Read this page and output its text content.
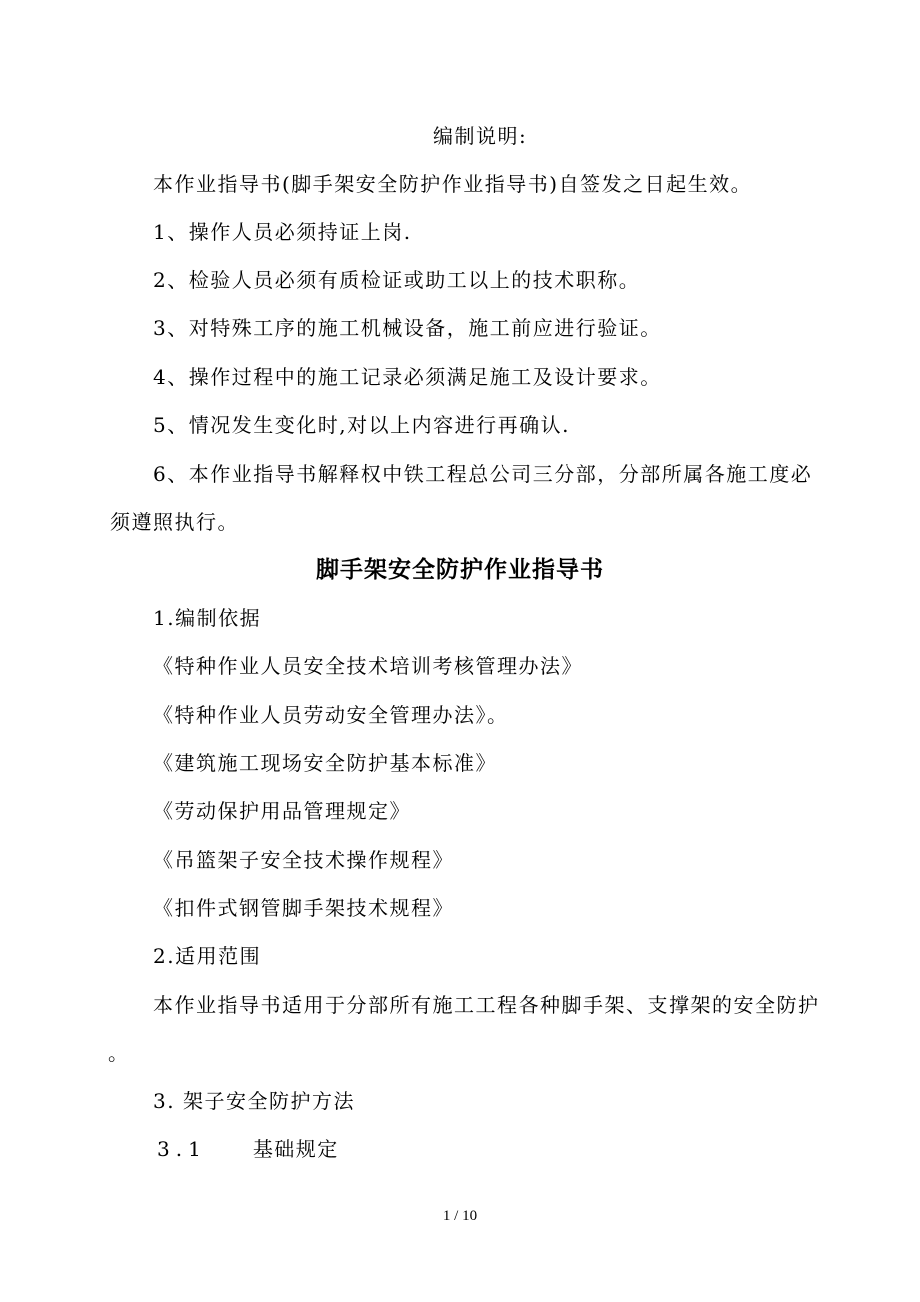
编制说明:
本作业指导书(脚手架安全防护作业指导书)自签发之日起生效。
1、操作人员必须持证上岗.
2、检验人员必须有质检证或助工以上的技术职称。
3、对特殊工序的施工机械设备，施工前应进行验证。
4、操作过程中的施工记录必须满足施工及设计要求。
5、情况发生变化时,对以上内容进行再确认.
6、本作业指导书解释权中铁工程总公司三分部，分部所属各施工度必
须遵照执行。
脚手架安全防护作业指导书
1.编制依据
《特种作业人员安全技术培训考核管理办法》
《特种作业人员劳动安全管理办法》。
《建筑施工现场安全防护基本标准》
《劳动保护用品管理规定》
《吊篮架子安全技术操作规程》
《扣件式钢管脚手架技术规程》
2.适用范围
本作业指导书适用于分部所有施工工程各种脚手架、支撑架的安全防护
。
3. 架子安全防护方法
3.1 基础规定
1 / 10
